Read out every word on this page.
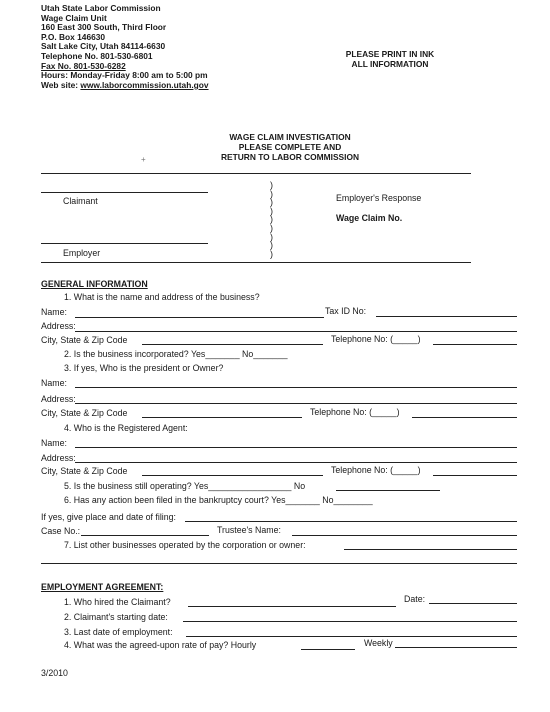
Utah State Labor Commission
Wage Claim Unit
160 East 300 South, Third Floor
P.O. Box 146630
Salt Lake City, Utah 84114-6630
Telephone No. 801-530-6801
Fax No. 801-530-6282
Hours: Monday-Friday 8:00 am to 5:00 pm
Web site: www.laborcommission.utah.gov
PLEASE PRINT IN INK
ALL INFORMATION
WAGE CLAIM INVESTIGATION
PLEASE COMPLETE AND
RETURN TO LABOR COMMISSION
+
Claimant
Employer
)
)
)
)
)
)
)
)
)
Employer's Response
Wage Claim No.
GENERAL INFORMATION
1. What is the name and address of the business?
Name:	Tax ID No:
Address:
City, State & Zip Code	Telephone No: (_____)
2. Is the business incorporated? Yes_______ No_______
3. If yes, Who is the president or Owner?
Name:
Address:
City, State & Zip Code	Telephone No: (_____)
4. Who is the Registered Agent:
Name:
Address:
City, State & Zip Code	Telephone No: (_____)
5. Is the business still operating? Yes_________________ No
6. Has any action been filed in the bankruptcy court? Yes_______ No________
If yes, give place and date of filing:
Case No.:	Trustee's Name:
7. List other businesses operated by the corporation or owner:
EMPLOYMENT AGREEMENT:
1. Who hired the Claimant?	Date:
2. Claimant's starting date:
3. Last date of employment:
4. What was the agreed-upon rate of pay? Hourly	Weekly
3/2010
